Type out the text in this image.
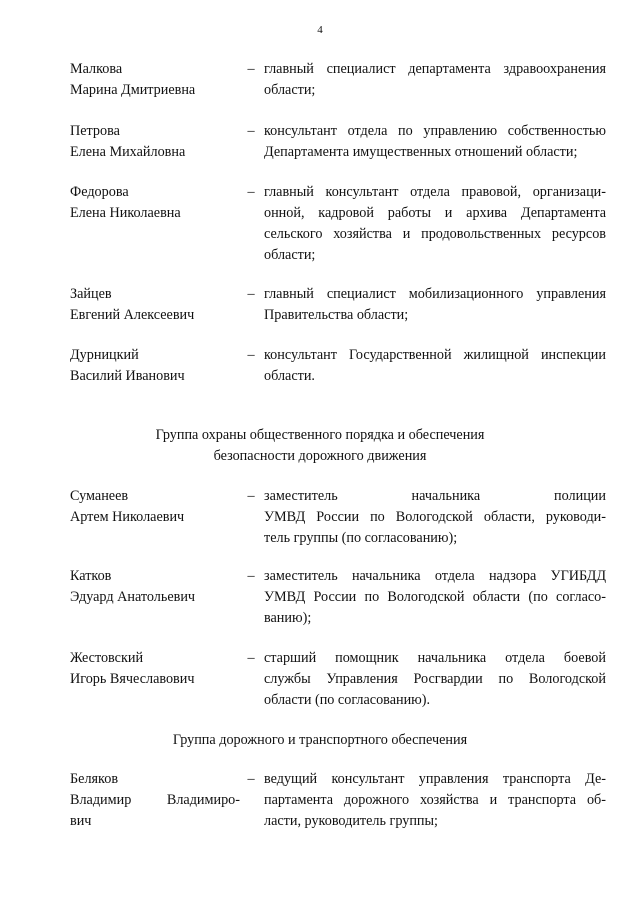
4
Малкова
Марина Дмитриевна
– главный специалист департамента здравоохранения
области;
Петрова
Елена Михайловна
– консультант отдела по управлению собственностью
Департамента имущественных отношений области;
Федорова
Елена Николаевна
– главный консультант отдела правовой, организаци-
онной, кадровой работы и архива Департамента
сельского хозяйства и продовольственных ресурсов
области;
Зайцев
Евгений Алексеевич
– главный специалист мобилизационного управления
Правительства области;
Дурницкий
Василий Иванович
– консультант Государственной жилищной инспекции
области.
Группа охраны общественного порядка и обеспечения
безопасности дорожного движения
Суманеев
Артем Николаевич
– заместитель начальника полиции
УМВД России по Вологодской области, руководи-
тель группы (по согласованию);
Катков
Эдуард Анатольевич
– заместитель начальника отдела надзора УГИБДД
УМВД России по Вологодской области (по согласо-
ванию);
Жестовский
Игорь Вячеславович
– старший помощник начальника отдела боевой
службы Управления Росгвардии по Вологодской
области (по согласованию).
Группа дорожного и транспортного обеспечения
Беляков
Владимир Владимиро-
вич
– ведущий консультант управления транспорта Де-
партамента дорожного хозяйства и транспорта об-
ласти, руководитель группы;
